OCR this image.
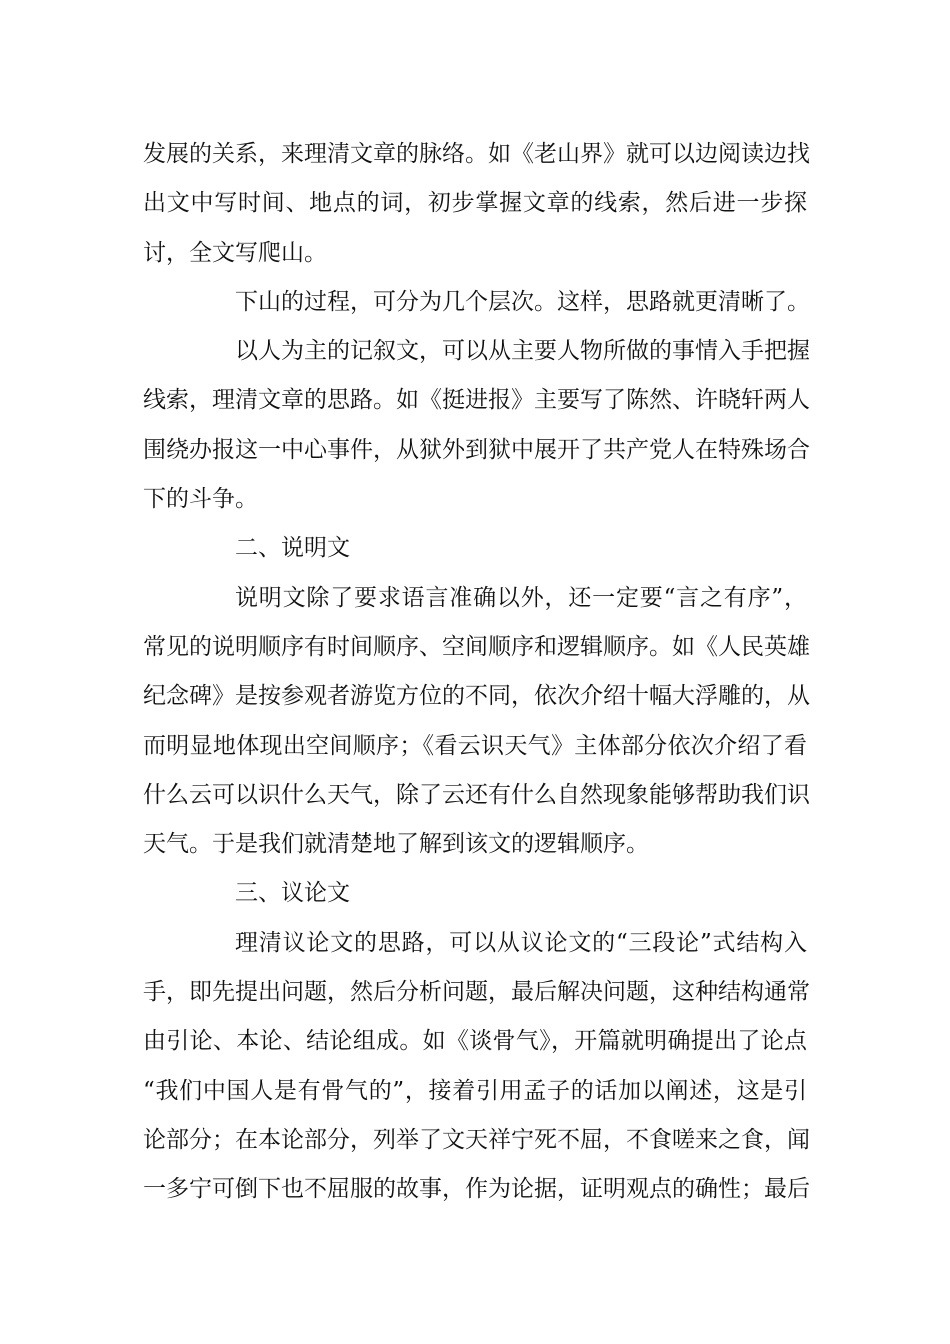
发展的关系，来理清文章的脉络。如《老山界》就可以边阅读边找
出文中写时间、地点的词，初步掌握文章的线索，然后进一步探
讨，全文写爬山。
下山的过程，可分为几个层次。这样，思路就更清晰了。
以人为主的记叙文，可以从主要人物所做的事情入手把握
线索，理清文章的思路。如《挺进报》主要写了陈然、许晓轩两人
围绕办报这一中心事件，从狱外到狱中展开了共产党人在特殊场合
下的斗争。
二、说明文
说明文除了要求语言准确以外，还一定要“言之有序”，
常见的说明顺序有时间顺序、空间顺序和逻辑顺序。如《人民英雄
纪念碑》是按参观者游览方位的不同，依次介绍十幅大浮雕的，从
而明显地体现出空间顺序；《看云识天气》主体部分依次介绍了看
什么云可以识什么天气，除了云还有什么自然现象能够帮助我们识
天气。于是我们就清楚地了解到该文的逻辑顺序。
三、议论文
理清议论文的思路，可以从议论文的“三段论”式结构入
手，即先提出问题，然后分析问题，最后解决问题，这种结构通常
由引论、本论、结论组成。如《谈骨气》，开篇就明确提出了论点
“我们中国人是有骨气的”，接着引用孟子的话加以阐述，这是引
论部分；在本论部分，列举了文天祥宁死不屈，不食嗟来之食，闻
一多宁可倒下也不屈服的故事，作为论据，证明观点的确性；最后
